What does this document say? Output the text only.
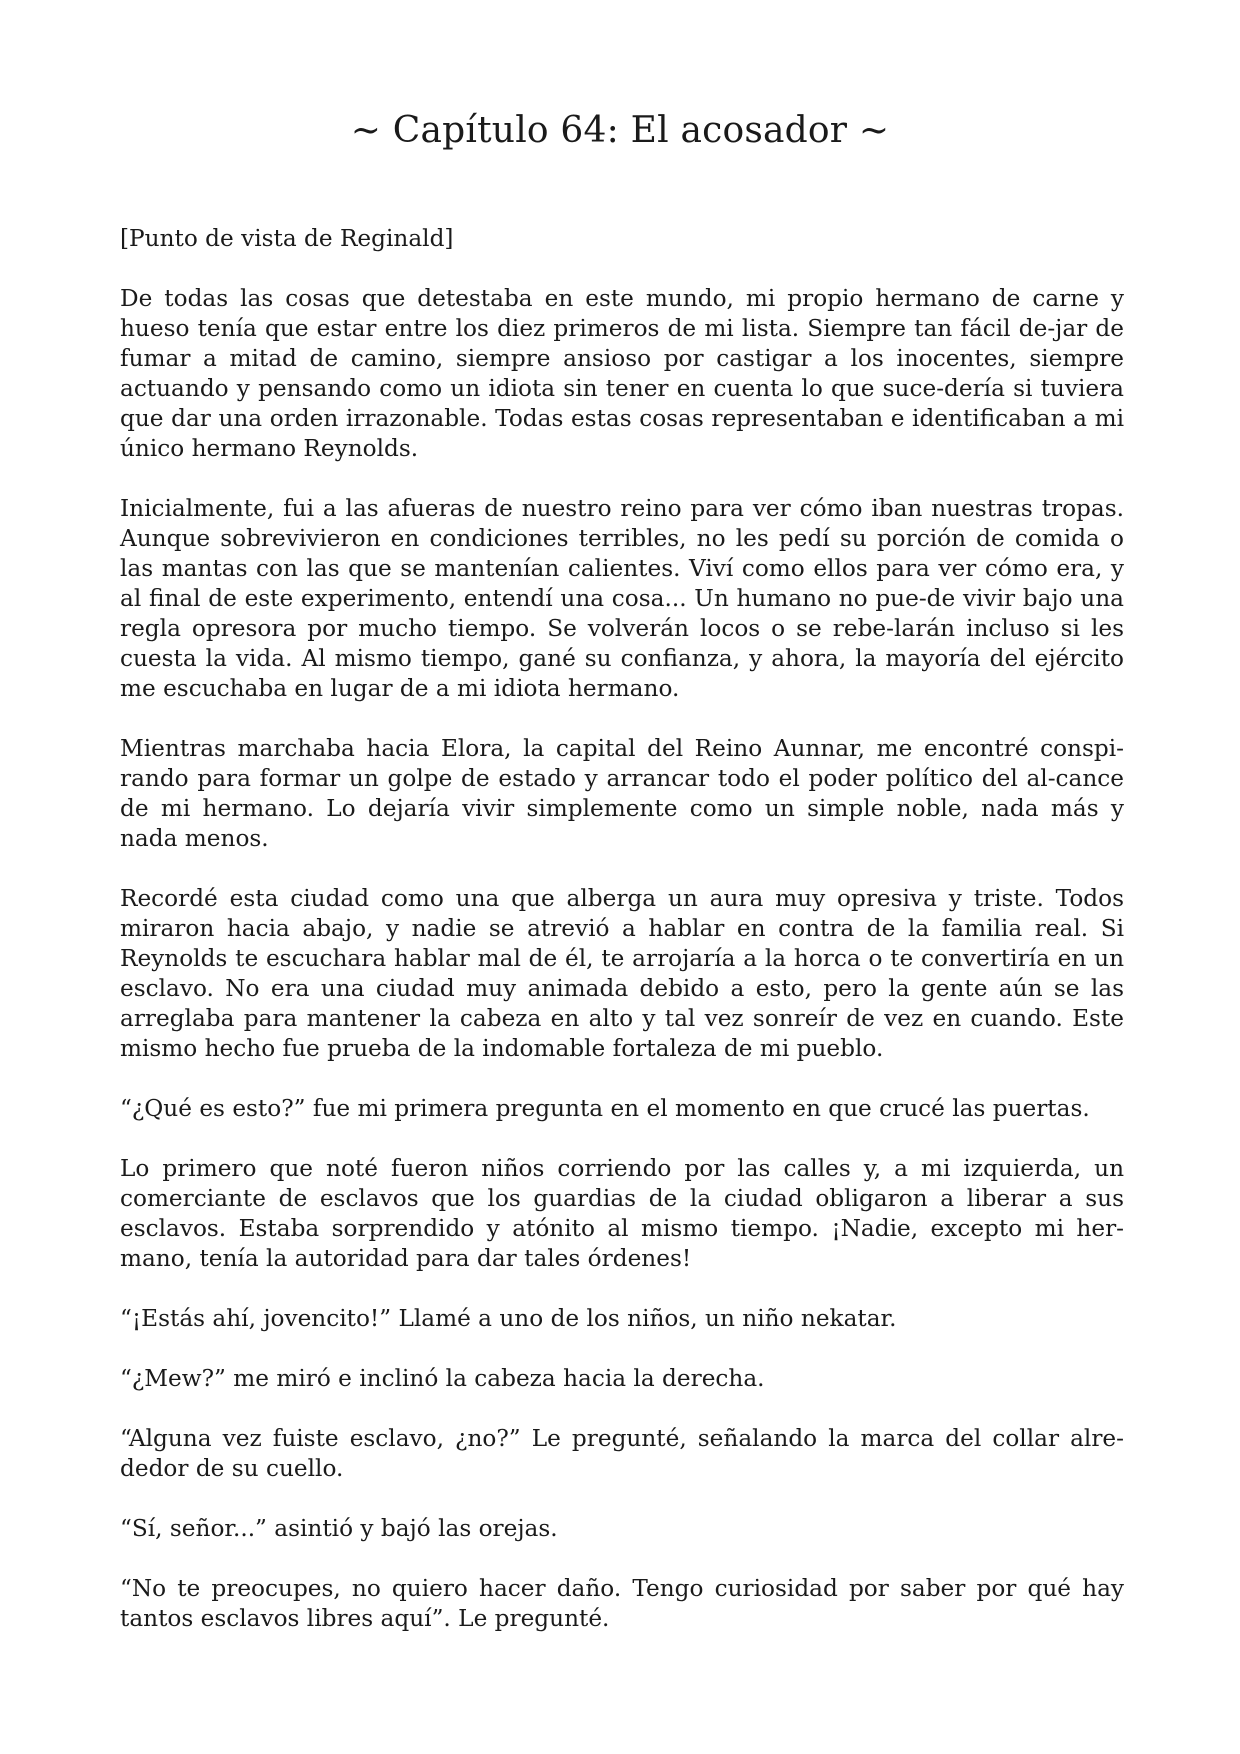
~ Capítulo 64: El acosador ~

[Punto de vista de Reginald]

De todas las cosas que detestaba en este mundo, mi propio hermano de carne y hueso tenía que estar entre los diez primeros de mi lista. Siempre tan fácil de-jar de fumar a mitad de camino, siempre ansioso por castigar a los inocentes, siempre actuando y pensando como un idiota sin tener en cuenta lo que suce-dería si tuviera que dar una orden irrazonable. Todas estas cosas representaban e identificaban a mi único hermano Reynolds.

Inicialmente, fui a las afueras de nuestro reino para ver cómo iban nuestras tropas. Aunque sobrevivieron en condiciones terribles, no les pedí su porción de comida o las mantas con las que se mantenían calientes. Viví como ellos para ver cómo era, y al final de este experimento, entendí una cosa... Un humano no pue-de vivir bajo una regla opresora por mucho tiempo. Se volverán locos o se rebe-larán incluso si les cuesta la vida. Al mismo tiempo, gané su confianza, y ahora, la mayoría del ejército me escuchaba en lugar de a mi idiota hermano.

Mientras marchaba hacia Elora, la capital del Reino Aunnar, me encontré conspi-rando para formar un golpe de estado y arrancar todo el poder político del al-cance de mi hermano. Lo dejaría vivir simplemente como un simple noble, nada más y nada menos.

Recordé esta ciudad como una que alberga un aura muy opresiva y triste. Todos miraron hacia abajo, y nadie se atrevió a hablar en contra de la familia real. Si Reynolds te escuchara hablar mal de él, te arrojaría a la horca o te convertiría en un esclavo. No era una ciudad muy animada debido a esto, pero la gente aún se las arreglaba para mantener la cabeza en alto y tal vez sonreír de vez en cuando. Este mismo hecho fue prueba de la indomable fortaleza de mi pueblo.

“¿Qué es esto?” fue mi primera pregunta en el momento en que crucé las puertas.

Lo primero que noté fueron niños corriendo por las calles y, a mi izquierda, un comerciante de esclavos que los guardias de la ciudad obligaron a liberar a sus esclavos. Estaba sorprendido y atónito al mismo tiempo. ¡Nadie, excepto mi her-mano, tenía la autoridad para dar tales órdenes!

“¡Estás ahí, jovencito!” Llamé a uno de los niños, un niño nekatar.

“¿Mew?” me miró e inclinó la cabeza hacia la derecha.

“Alguna vez fuiste esclavo, ¿no?” Le pregunté, señalando la marca del collar alre-dedor de su cuello.

“Sí, señor...” asintió y bajó las orejas.

“No te preocupes, no quiero hacer daño. Tengo curiosidad por saber por qué hay tantos esclavos libres aquí”. Le pregunté.
